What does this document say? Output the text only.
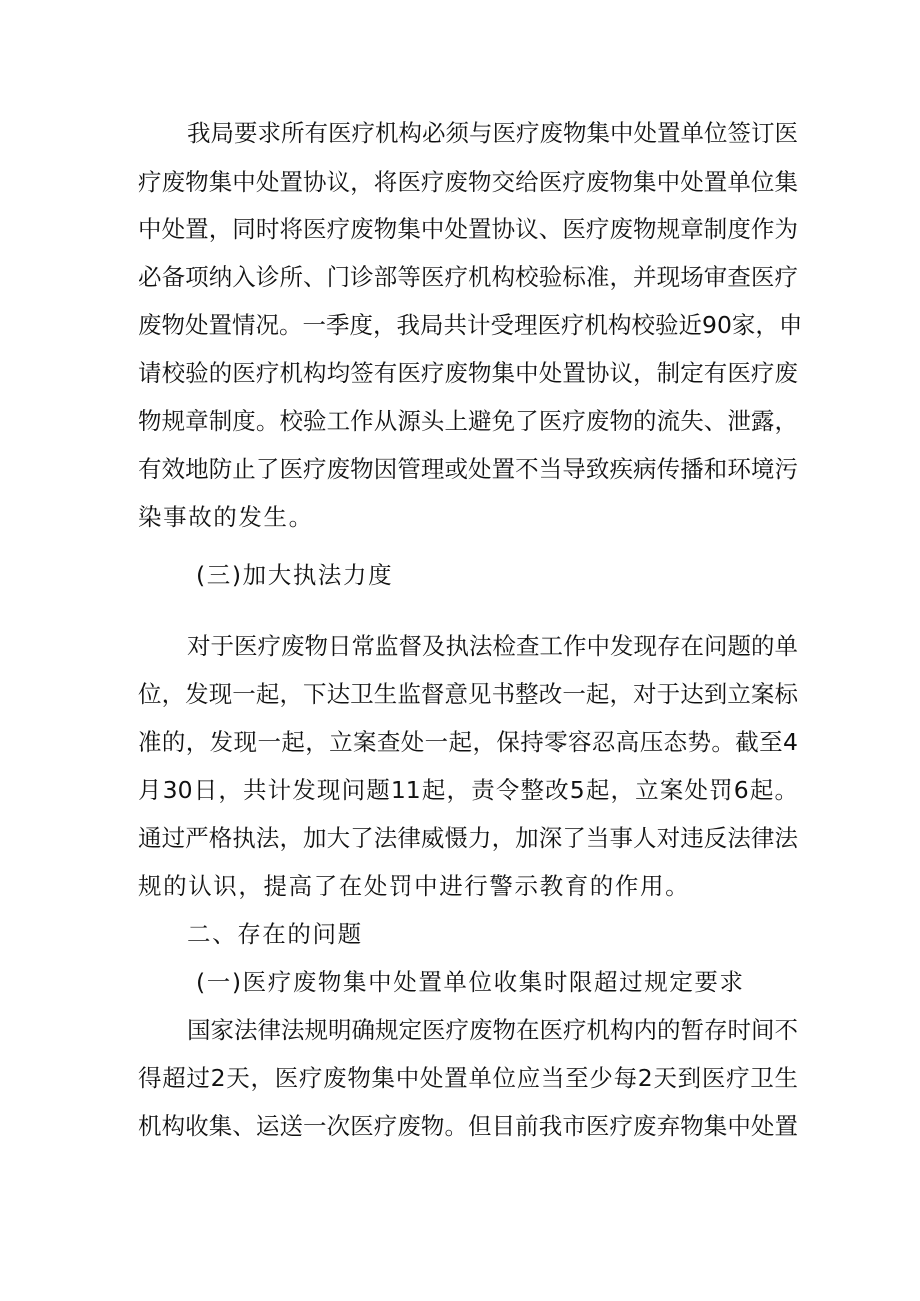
我局要求所有医疗机构必须与医疗废物集中处置单位签订医
疗废物集中处置协议，将医疗废物交给医疗废物集中处置单位集
中处置，同时将医疗废物集中处置协议、医疗废物规章制度作为
必备项纳入诊所、门诊部等医疗机构校验标准，并现场审查医疗
废物处置情况。一季度，我局共计受理医疗机构校验近90家，申
请校验的医疗机构均签有医疗废物集中处置协议，制定有医疗废
物规章制度。校验工作从源头上避免了医疗废物的流失、泄露，
有效地防止了医疗废物因管理或处置不当导致疾病传播和环境污
染事故的发生。
(三)加大执法力度
对于医疗废物日常监督及执法检查工作中发现存在问题的单
位，发现一起，下达卫生监督意见书整改一起，对于达到立案标
准的，发现一起，立案查处一起，保持零容忍高压态势。截至4
月30日，共计发现问题11起，责令整改5起，立案处罚6起。
通过严格执法，加大了法律威慑力，加深了当事人对违反法律法
规的认识，提高了在处罚中进行警示教育的作用。
二、存在的问题
(一)医疗废物集中处置单位收集时限超过规定要求
国家法律法规明确规定医疗废物在医疗机构内的暂存时间不
得超过2天，医疗废物集中处置单位应当至少每2天到医疗卫生
机构收集、运送一次医疗废物。但目前我市医疗废弃物集中处置
